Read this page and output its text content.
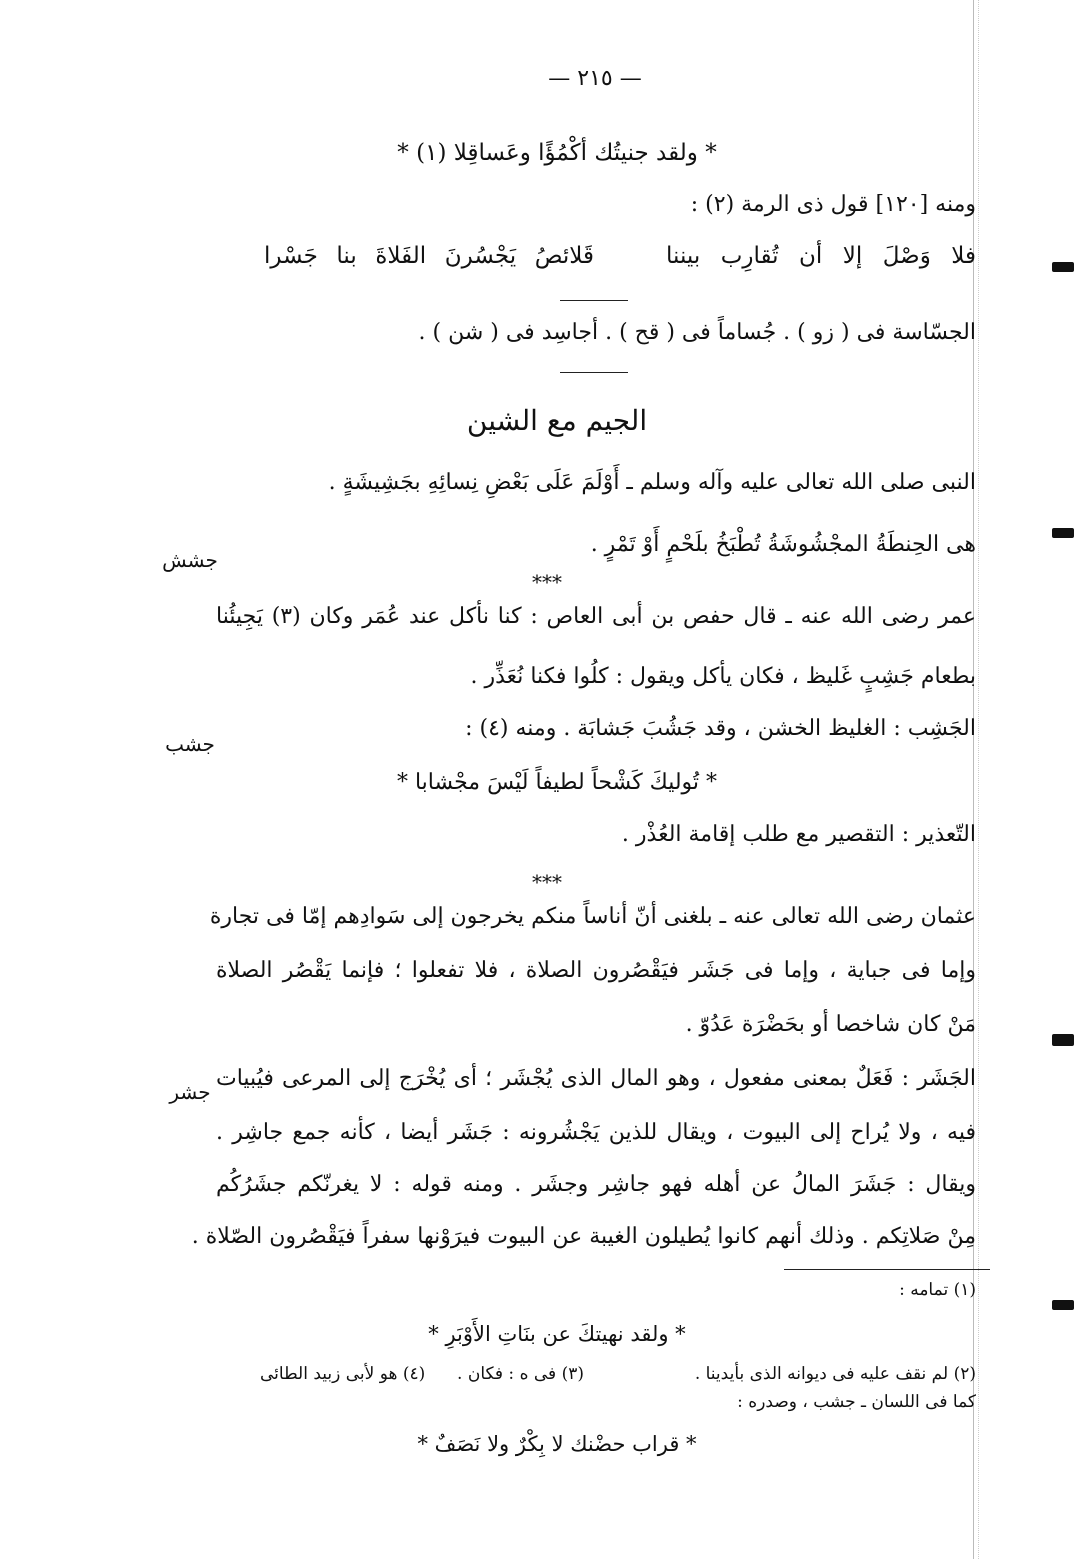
— ٢١٥ —
* ولقد جنيتُك أكْمُؤًا وعَساقِلا (١) *
ومنه [١٢٠] قول ذى الرمة (٢) :
فلا وَصْلَ إلا أن تُقارِب بيننا
قَلائصُ يَجْسُرنَ الفَلاةَ بنا جَسْرا
الجسّاسة فى ( زو ) . جُساماً فى ( قح ) . أجاسِد فى ( شن ) .
الجيم مع الشين
النبى صلى الله تعالى عليه وآله وسلم ـ أَوْلَمَ عَلَى بَعْضِ نِسائِهِ بجَشِيشَةٍ .
هى الحِنطَةُ المجْشُوشَةُ تُطْبَخُ بلَحْمٍ أَوْ تَمْرٍ .
جشش
***
عمر رضى الله عنه ـ قال حفص بن أبى العاص : كنا نأكل عند عُمَر وكان (٣) يَجِيئُنا
بطعام جَشِبٍ غَليظ ، فكان يأكل ويقول : كلُوا فكنا نُعَذِّر .
الجَشِب : الغليظ الخشن ، وقد جَشُبَ جَشابَة . ومنه (٤) :
جشب
* تُوليكَ كَشْحاً لطيفاً لَيْسَ مجْشابا *
التّعذير : التقصير مع طلب إقامة العُذْر .
***
عثمان رضى الله تعالى عنه ـ بلغنى أنّ أناساً منكم يخرجون إلى سَوادِهم إمّا فى تجارة
وإما فى جباية ، وإما فى جَشَر فيَقْصُرون الصلاة ، فلا تفعلوا ؛ فإنما يَقْصُر الصلاة
مَنْ كان شاخصا أو بحَضْرَة عَدُوّ .
الجَشَر : فَعَلٌ بمعنى مفعول ، وهو المال الذى يُجْشَر ؛ أى يُخْرَج إلى المرعى فيُبيات
جشر
فيه ، ولا يُراح إلى البيوت ، ويقال للذين يَجْشُرونه : جَشَر أيضا ، كأنه جمع جاشِر .
ويقال : جَشَرَ المالُ عن أهله فهو جاشِر وجشَر . ومنه قوله : لا يغرنّكم جشَرُكُم
مِنْ صَلاتِكم . وذلك أنهم كانوا يُطيلون الغيبة عن البيوت فيرَوْنها سفراً فيَقْصُرون الصّلاة .
(١) تمامه :
* ولقد نهيتكَ عن بنَاتِ الأَوْبَرِ *
(٢) لم نقف عليه فى ديوانه الذى بأيدينا .
(٣) فى ه : فكان .
(٤) هو لأبى زبيد الطائى
كما فى اللسان ـ جشب ، وصدره :
* قراب حضْنك لا بِكْرٌ ولا نَصَفٌ *
